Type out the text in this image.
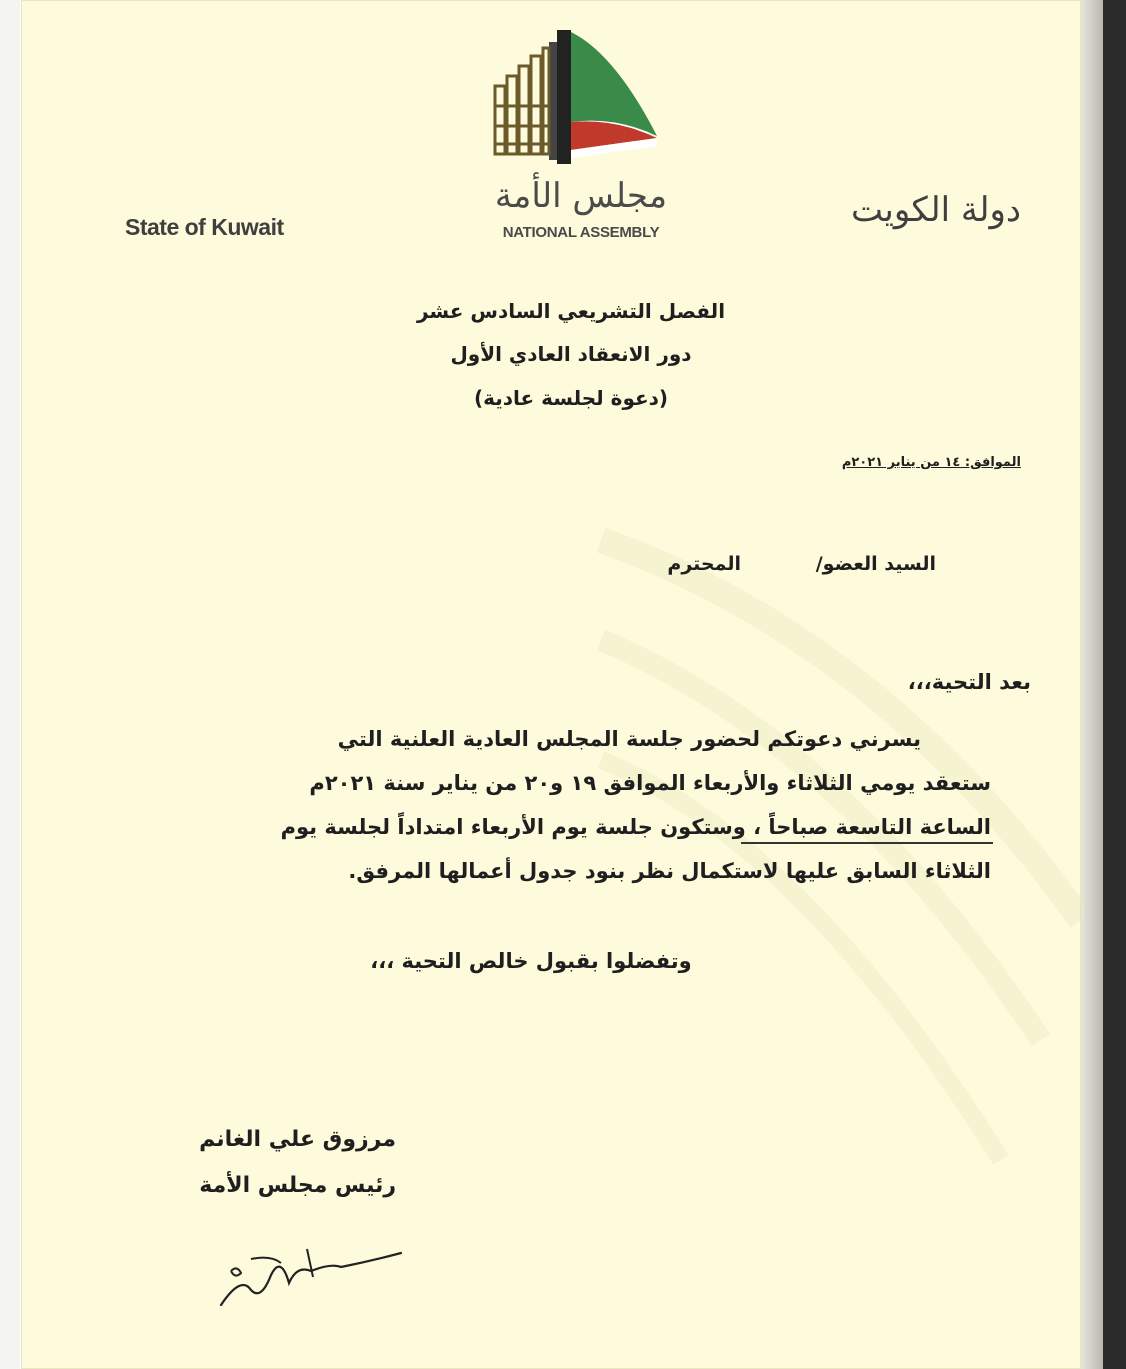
مجلس الأمة
NATIONAL ASSEMBLY
State of Kuwait	دولة الكويت
الفصل التشريعي السادس عشر
دور الانعقاد العادي الأول
(دعوة لجلسة عادية)
الموافق: ١٤ من يناير ٢٠٢١م
السيد العضو/
المحترم
بعد التحية،،،
يسرني دعوتكم لحضور جلسة المجلس العادية العلنية التي
ستعقد يومي الثلاثاء والأربعاء الموافق ١٩ و٢٠ من يناير سنة ٢٠٢١م
الساعة التاسعة صباحاً ، وستكون جلسة يوم الأربعاء امتداداً لجلسة يوم
الثلاثاء السابق عليها لاستكمال نظر بنود جدول أعمالها المرفق.
وتفضلوا بقبول خالص التحية ،،،
مرزوق علي الغانم
رئيس مجلس الأمة
